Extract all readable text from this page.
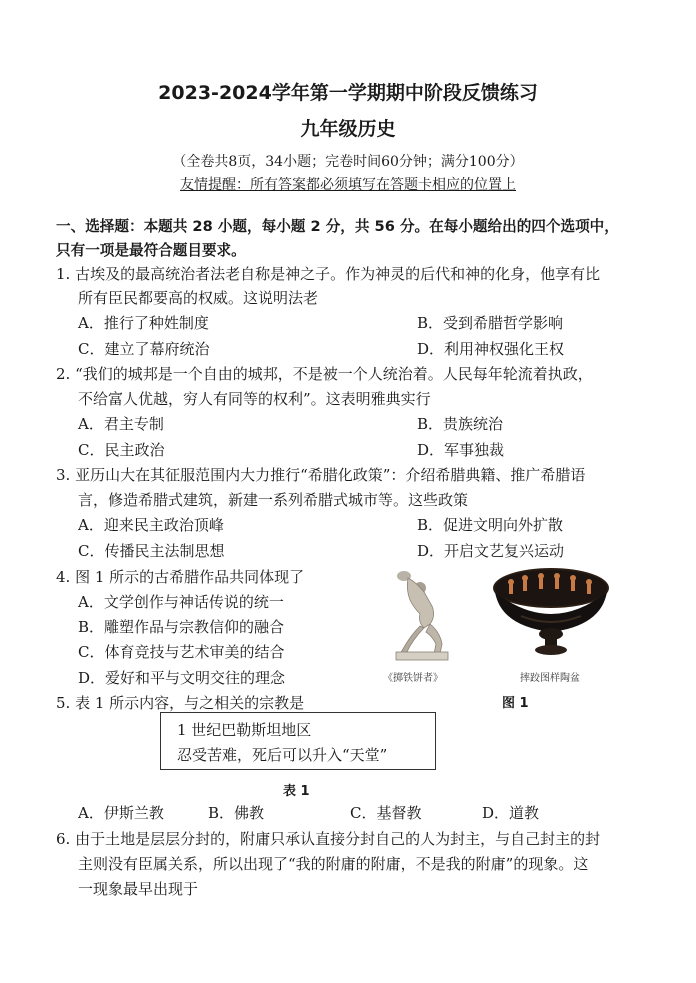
2023-2024学年第一学期期中阶段反馈练习
九年级历史
（全卷共8页，34小题；完卷时间60分钟；满分100分）
友情提醒：所有答案都必须填写在答题卡相应的位置上
一、选择题：本题共 28 小题，每小题 2 分，共 56 分。在每小题给出的四个选项中，
只有一项是最符合题目要求。
1. 古埃及的最高统治者法老自称是神之子。作为神灵的后代和神的化身，他享有比
所有臣民都要高的权威。这说明法老
A．推行了种姓制度	B．受到希腊哲学影响
C．建立了幕府统治	D．利用神权强化王权
2. “我们的城邦是一个自由的城邦，不是被一个人统治着。人民每年轮流着执政，
不给富人优越，穷人有同等的权利”。这表明雅典实行
A．君主专制	B．贵族统治
C．民主政治	D．军事独裁
3. 亚历山大在其征服范围内大力推行“希腊化政策”：介绍希腊典籍、推广希腊语
言，修造希腊式建筑，新建一系列希腊式城市等。这些政策
A．迎来民主政治顶峰	B．促进文明向外扩散
C．传播民主法制思想	D．开启文艺复兴运动
4. 图 1 所示的古希腊作品共同体现了
A．文学创作与神话传说的统一
B．雕塑作品与宗教信仰的融合
C．体育竞技与艺术审美的结合
D．爱好和平与文明交往的理念	《掷铁饼者》	摔跤图样陶盆
5. 表 1 所示内容，与之相关的宗教是	图 1
1 世纪巴勒斯坦地区
忍受苦难，死后可以升入“天堂”
表 1
A．伊斯兰教	B．佛教	C．基督教	D．道教
6. 由于土地是层层分封的，附庸只承认直接分封自己的人为封主，与自己封主的封
主则没有臣属关系，所以出现了“我的附庸的附庸，不是我的附庸”的现象。这
一现象最早出现于
